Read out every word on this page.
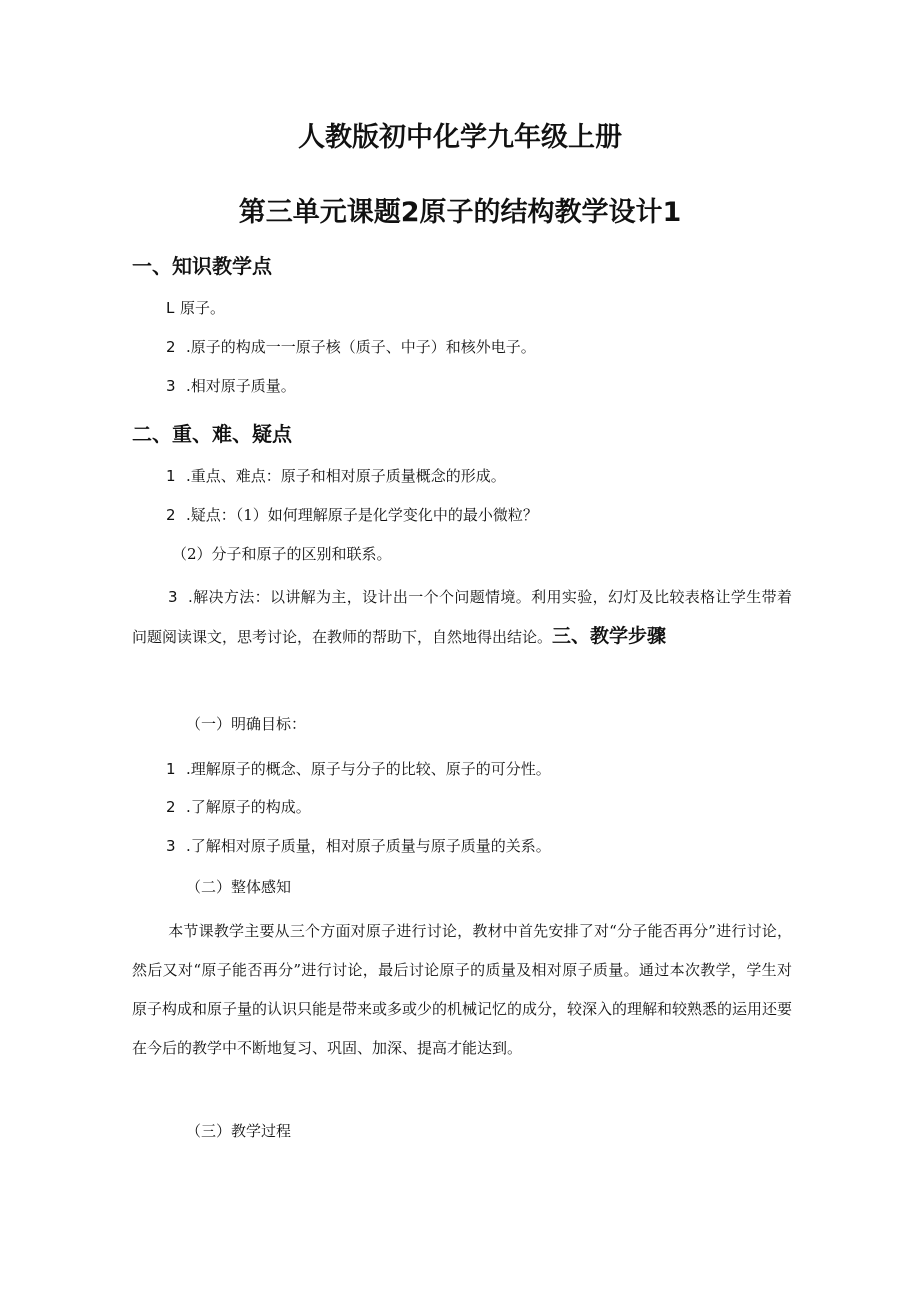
人教版初中化学九年级上册
第三单元课题2原子的结构教学设计1
一、知识教学点
L 原子。
2 .原子的构成一一原子核（质子、中子）和核外电子。
3 .相对原子质量。
二、重、难、疑点
1 .重点、难点：原子和相对原子质量概念的形成。
2 .疑点：（1）如何理解原子是化学变化中的最小微粒？
（2）分子和原子的区别和联系。
3 .解决方法：以讲解为主，设计出一个个问题情境。利用实验，幻灯及比较表格让学生带着问题阅读课文，思考讨论，在教师的帮助下，自然地得出结论。三、教学步骤
（一）明确目标：
1 .理解原子的概念、原子与分子的比较、原子的可分性。
2 .了解原子的构成。
3 .了解相对原子质量，相对原子质量与原子质量的关系。
（二）整体感知
本节课教学主要从三个方面对原子进行讨论，教材中首先安排了对“分子能否再分”进行讨论，然后又对“原子能否再分”进行讨论，最后讨论原子的质量及相对原子质量。通过本次教学，学生对原子构成和原子量的认识只能是带来或多或少的机械记忆的成分，较深入的理解和较熟悉的运用还要在今后的教学中不断地复习、巩固、加深、提高才能达到。
（三）教学过程
